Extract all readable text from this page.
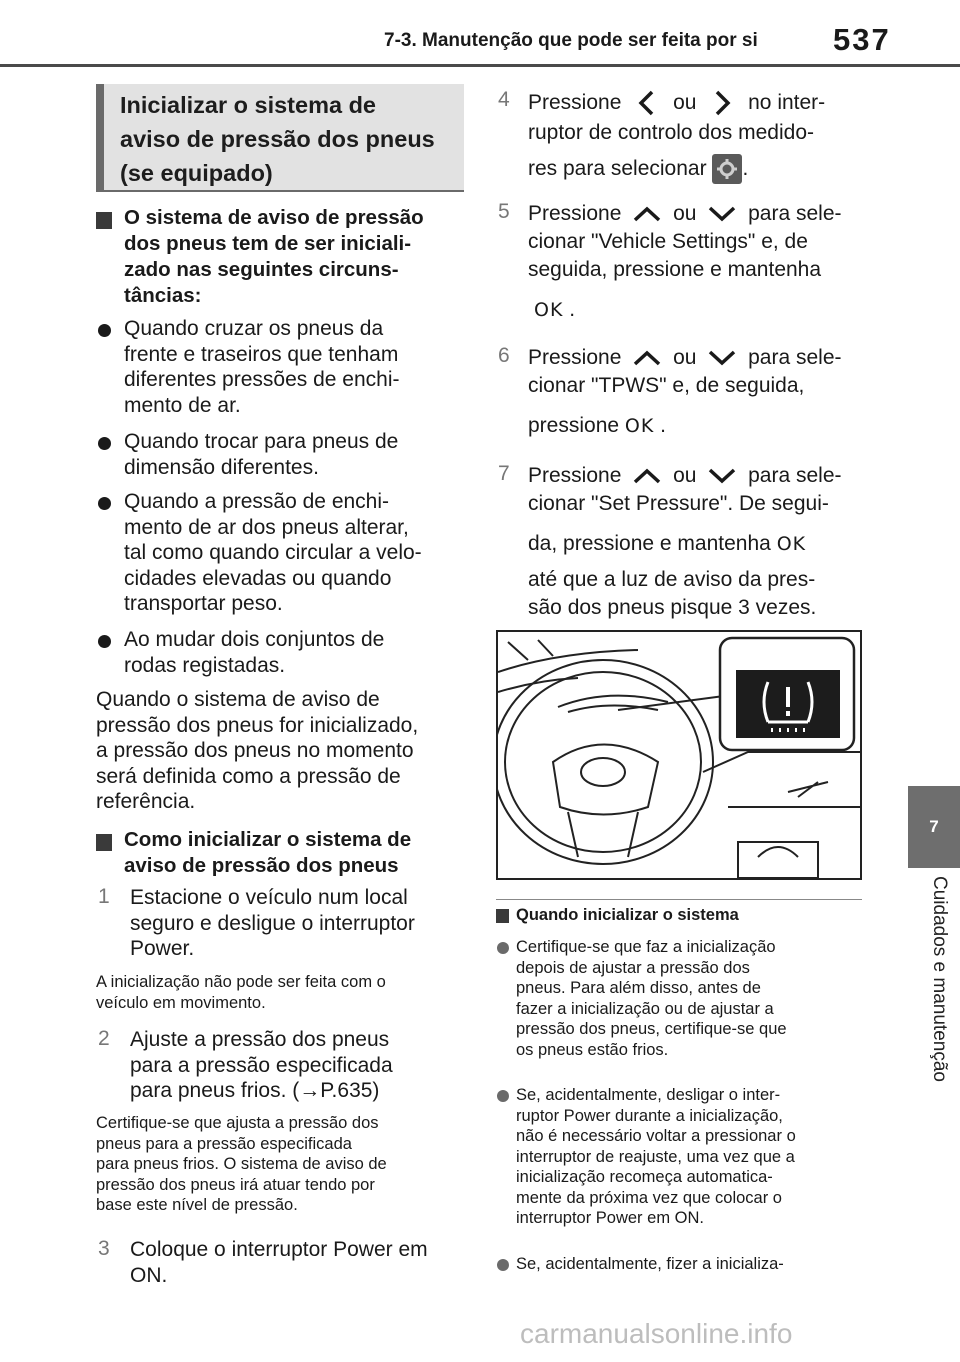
7-3. Manutenção que pode ser feita por si 537
7
Cuidados e manutenção
Inicializar o sistema de
aviso de pressão dos pneus
(se equipado)
O sistema de aviso de pressão
dos pneus tem de ser iniciali-
zado nas seguintes circuns-
tâncias:
Quando cruzar os pneus da
frente e traseiros que tenham
diferentes pressões de enchi-
mento de ar.
Quando trocar para pneus de
dimensão diferentes.
Quando a pressão de enchi-
mento de ar dos pneus alterar,
tal como quando circular a velo-
cidades elevadas ou quando
transportar peso.
Ao mudar dois conjuntos de
rodas registadas.
Quando o sistema de aviso de
pressão dos pneus for inicializado,
a pressão dos pneus no momento
será definida como a pressão de
referência.
Como inicializar o sistema de
aviso de pressão dos pneus
1 Estacione o veículo num local
seguro e desligue o interruptor
Power.
A inicialização não pode ser feita com o
veículo em movimento.
2 Ajuste a pressão dos pneus
para a pressão especificada
para pneus frios. (→P.635)
Certifique-se que ajusta a pressão dos
pneus para a pressão especificada
para pneus frios. O sistema de aviso de
pressão dos pneus irá atuar tendo por
base este nível de pressão.
3 Coloque o interruptor Power em
ON.
4 Pressione ou no inter-
ruptor de controlo dos medido-
res para selecionar .
5 Pressione ou para sele-
cionar "Vehicle Settings" e, de
seguida, pressione e mantenha
OK .
6 Pressione ou para sele-
cionar "TPWS" e, de seguida,
pressione OK .
7 Pressione ou para sele-
cionar "Set Pressure". De segui-
da, pressione e mantenha OK
até que a luz de aviso da pres-
são dos pneus pisque 3 vezes.
Quando inicializar o sistema
Certifique-se que faz a inicialização
depois de ajustar a pressão dos
pneus. Para além disso, antes de
fazer a inicialização ou de ajustar a
pressão dos pneus, certifique-se que
os pneus estão frios.
Se, acidentalmente, desligar o inter-
ruptor Power durante a inicialização,
não é necessário voltar a pressionar o
interruptor de reajuste, uma vez que a
inicialização recomeça automatica-
mente da próxima vez que colocar o
interruptor Power em ON.
Se, acidentalmente, fizer a inicializa-
carmanualsonline.info
